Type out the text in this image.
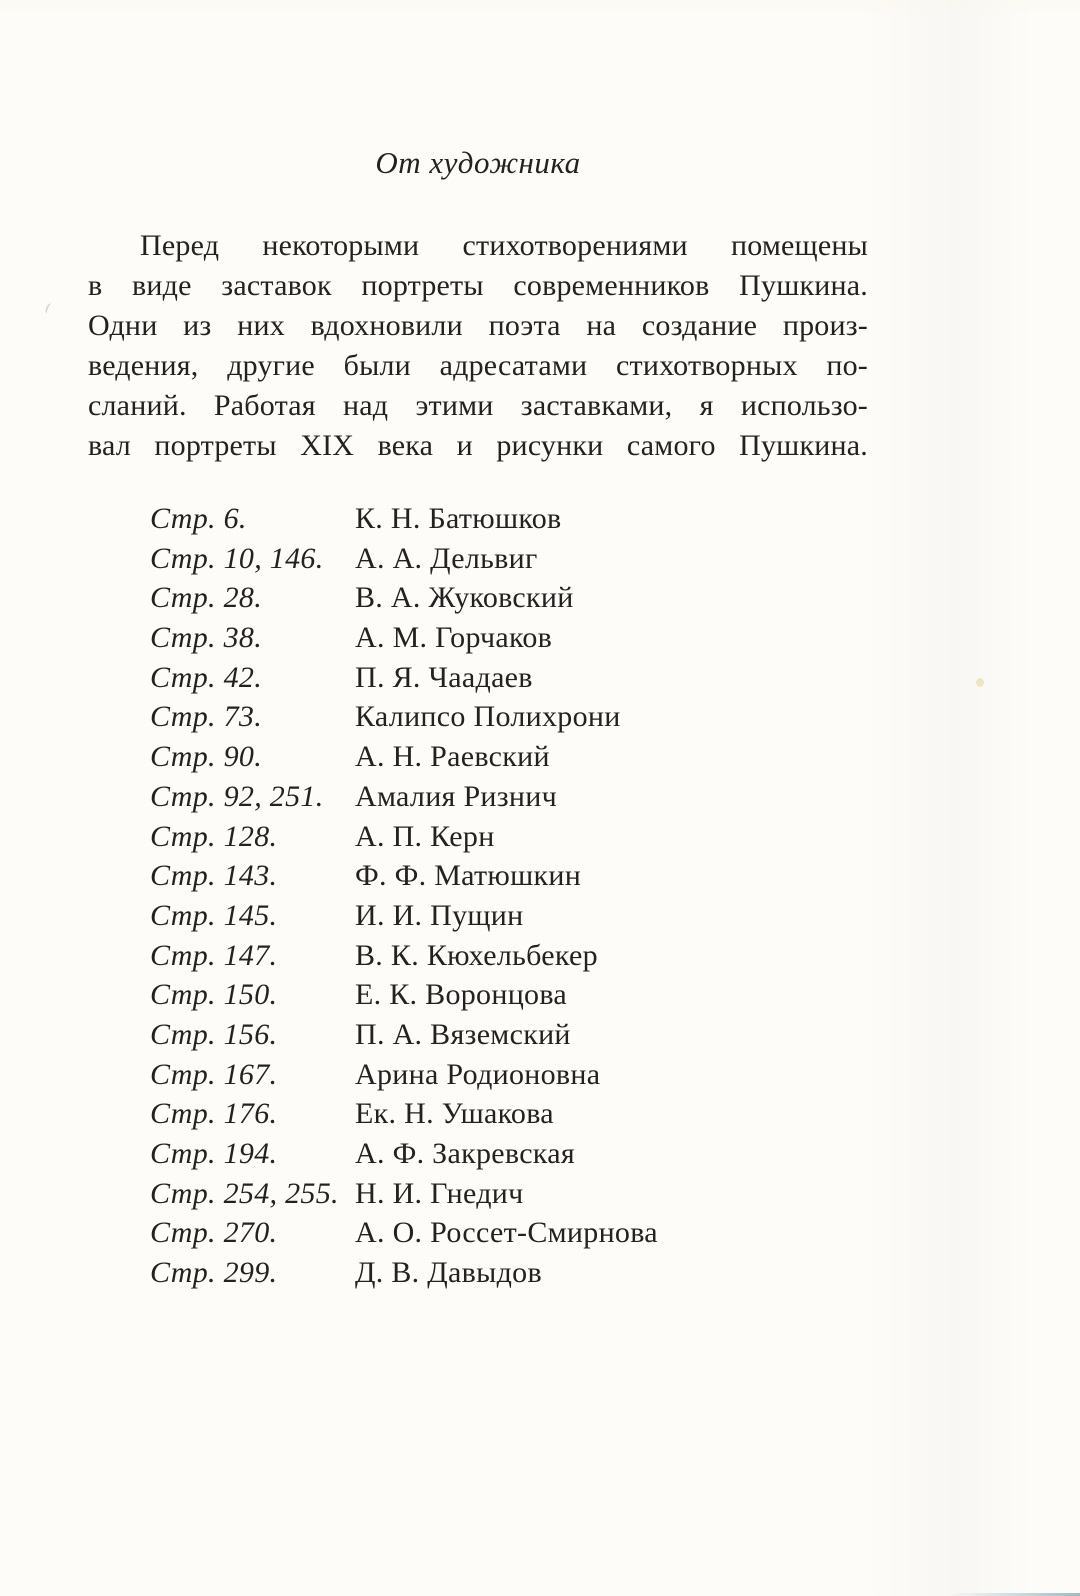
От художника
Перед некоторыми стихотворениями помещены
в виде заставок портреты современников Пушкина.
Одни из них вдохновили поэта на создание произ-
ведения, другие были адресатами стихотворных по-
сланий. Работая над этими заставками, я использо-
вал портреты XIX века и рисунки самого Пушкина.
Стр. 6.	К. Н. Батюшков
Стр. 10, 146.	А. А. Дельвиг
Стр. 28.	В. А. Жуковский
Стр. 38.	А. М. Горчаков
Стр. 42.	П. Я. Чаадаев
Стр. 73.	Калипсо Полихрони
Стр. 90.	А. Н. Раевский
Стр. 92, 251.	Амалия Ризнич
Стр. 128.	А. П. Керн
Стр. 143.	Ф. Ф. Матюшкин
Стр. 145.	И. И. Пущин
Стр. 147.	В. К. Кюхельбекер
Стр. 150.	Е. К. Воронцова
Стр. 156.	П. А. Вяземский
Стр. 167.	Арина Родионовна
Стр. 176.	Ек. Н. Ушакова
Стр. 194.	А. Ф. Закревская
Стр. 254, 255. Н. И. Гнедич
Стр. 270.	А. О. Россет-Смирнова
Стр. 299.	Д. В. Давыдов
